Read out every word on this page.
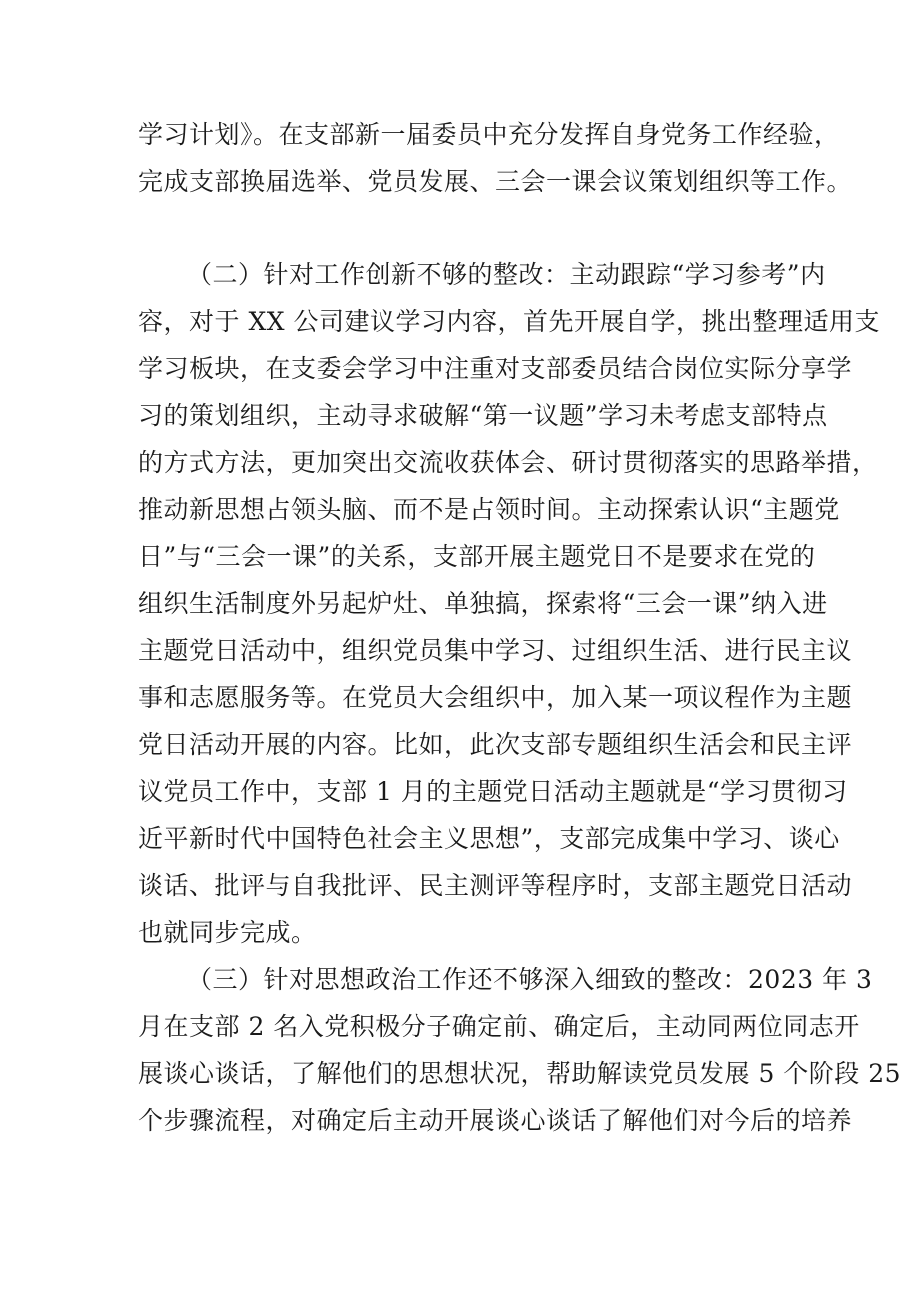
学习计划》。在支部新一届委员中充分发挥自身党务工作经验，
完成支部换届选举、党员发展、三会一课会议策划组织等工作。
（二）针对工作创新不够的整改：主动跟踪“学习参考”内
容，对于 XX 公司建议学习内容，首先开展自学，挑出整理适用支
学习板块，在支委会学习中注重对支部委员结合岗位实际分享学
习的策划组织，主动寻求破解“第一议题”学习未考虑支部特点
的方式方法，更加突出交流收获体会、研讨贯彻落实的思路举措，
推动新思想占领头脑、而不是占领时间。主动探索认识“主题党
日”与“三会一课”的关系，支部开展主题党日不是要求在党的
组织生活制度外另起炉灶、单独搞，探索将“三会一课”纳入进
主题党日活动中，组织党员集中学习、过组织生活、进行民主议
事和志愿服务等。在党员大会组织中，加入某一项议程作为主题
党日活动开展的内容。比如，此次支部专题组织生活会和民主评
议党员工作中，支部 1 月的主题党日活动主题就是“学习贯彻习
近平新时代中国特色社会主义思想”，支部完成集中学习、谈心
谈话、批评与自我批评、民主测评等程序时，支部主题党日活动
也就同步完成。
（三）针对思想政治工作还不够深入细致的整改：2023 年 3
月在支部 2 名入党积极分子确定前、确定后，主动同两位同志开
展谈心谈话，了解他们的思想状况，帮助解读党员发展 5 个阶段 25
个步骤流程，对确定后主动开展谈心谈话了解他们对今后的培养
